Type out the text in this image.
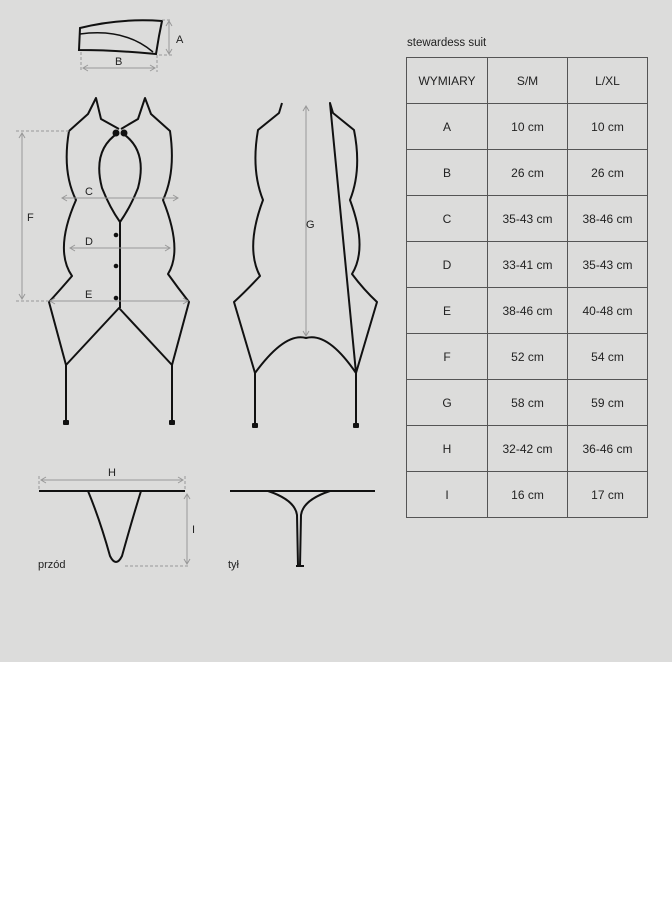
A
B
C
D
E
F
G
H
I
przód	tył
stewardess suit
WYMIARY	S/M	L/XL
A	10 cm	10 cm
B	26 cm	26 cm
C	35-43 cm	38-46 cm
D	33-41 cm	35-43 cm
E	38-46 cm	40-48 cm
F	52 cm	54 cm
G	58 cm	59 cm
H	32-42 cm	36-46 cm
I	16 cm	17 cm
